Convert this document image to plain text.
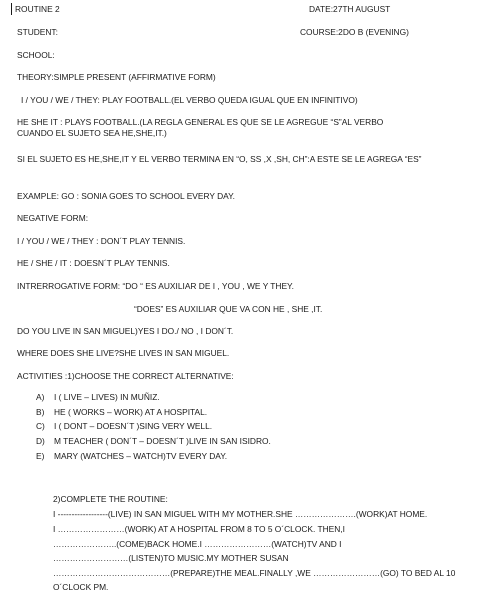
ROUTINE 2	DATE:27TH AUGUST
STUDENT:	COURSE:2DO B (EVENING)
SCHOOL:
THEORY:SIMPLE PRESENT (AFFIRMATIVE FORM)
I / YOU / WE / THEY: PLAY FOOTBALL.(EL VERBO QUEDA IGUAL QUE EN INFINITIVO)
HE SHE IT : PLAYS FOOTBALL.(LA REGLA GENERAL ES QUE SE LE AGREGUE “S”AL VERBO CUANDO EL SUJETO SEA HE,SHE,IT.)
SI EL SUJETO ES HE,SHE,IT Y EL VERBO TERMINA EN “O, SS ,X ,SH, CH”:A ESTE SE LE AGREGA “ES”
EXAMPLE: GO : SONIA GOES TO SCHOOL EVERY DAY.
NEGATIVE FORM:
I / YOU / WE / THEY : DON´T PLAY TENNIS.
HE / SHE / IT : DOESN´T PLAY TENNIS.
INTRERROGATIVE FORM: “DO “ ES AUXILIAR DE I , YOU , WE Y THEY.
“DOES” ES AUXILIAR QUE VA CON HE , SHE ,IT.
DO YOU LIVE IN SAN MIGUEL)YES I DO./ NO , I DON´T.
WHERE DOES SHE LIVE?SHE LIVES IN SAN MIGUEL.
ACTIVITIES :1)CHOOSE THE CORRECT ALTERNATIVE:
A) I ( LIVE – LIVES) IN MUÑIZ.
B) HE ( WORKS – WORK) AT A HOSPITAL.
C) I ( DONT – DOESN´T )SING VERY WELL.
D) M TEACHER ( DON´T – DOESN´T )LIVE IN SAN ISIDRO.
E) MARY (WATCHES – WATCH)TV EVERY DAY.
2)COMPLETE THE ROUTINE:
I ------------------(LIVE) IN SAN MIGUEL WITH MY MOTHER.SHE ………………….(WORK)AT HOME.
I ……………………(WORK) AT A HOSPITAL FROM 8 TO 5 O´CLOCK. THEN,I
…………………..(COME)BACK HOME.I ……………………(WATCH)TV AND I
………………………(LISTEN)TO MUSIC.MY MOTHER SUSAN
……………………………………(PREPARE)THE MEAL.FINALLY ,WE ……………………(GO) TO BED AL 10
O´CLOCK PM.
